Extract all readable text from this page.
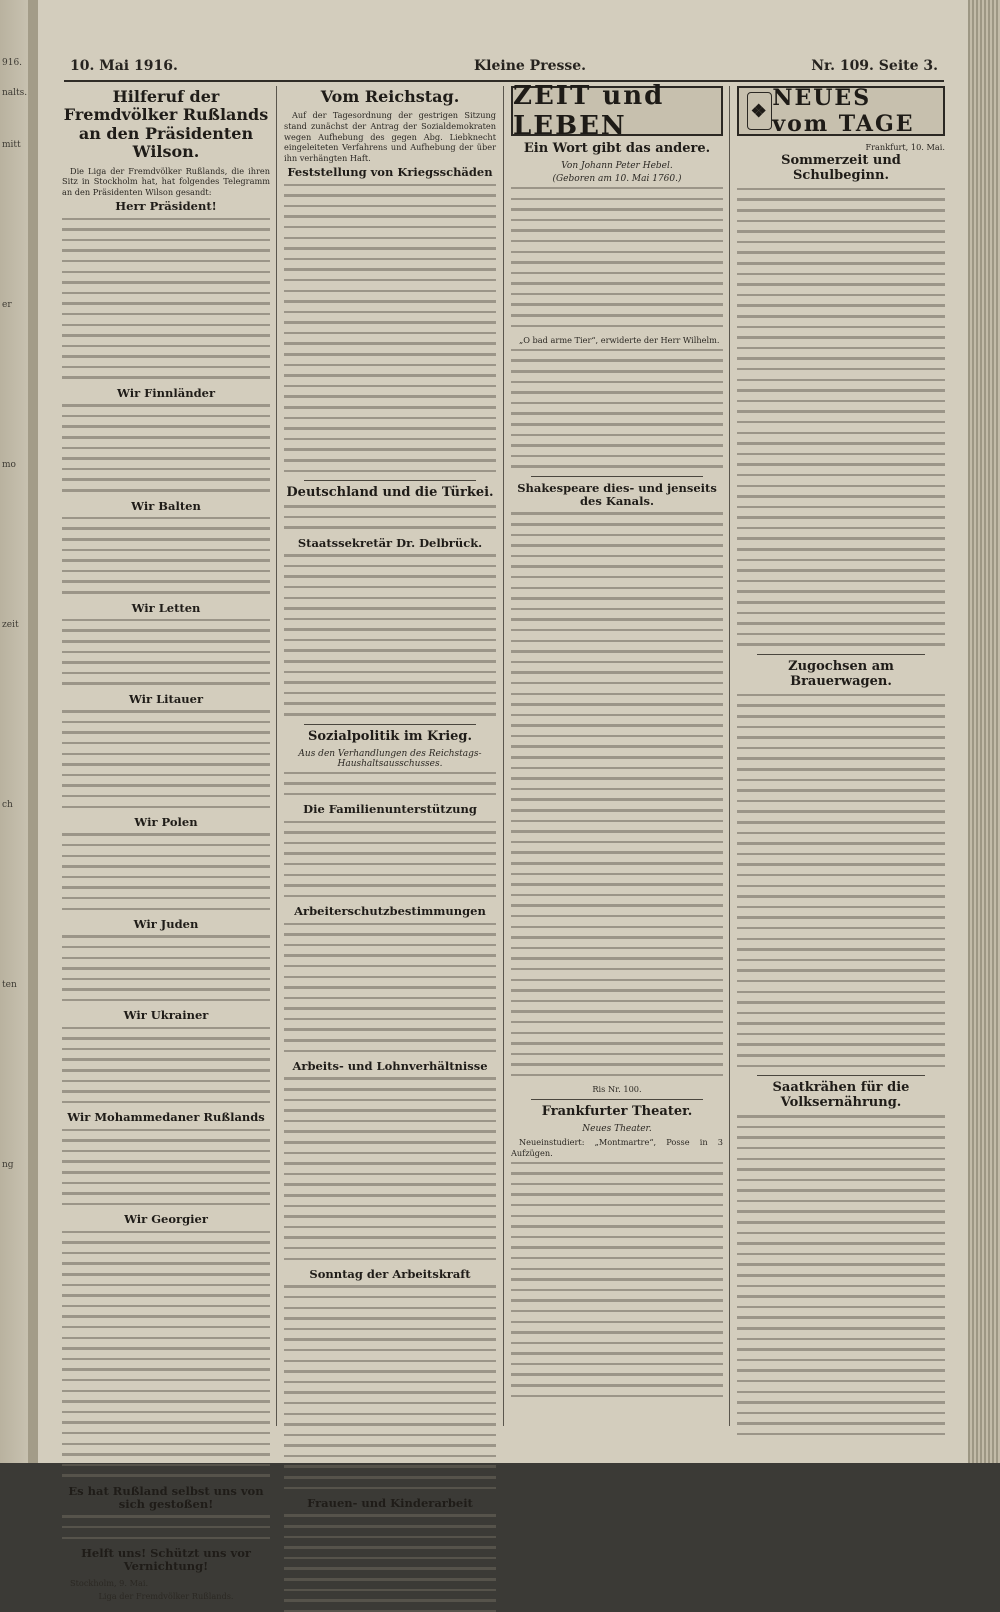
916.
nalts.
mitt
er
mo
zeit
ch
ten
ng
10. Mai 1916.	Kleine Presse.	Nr. 109. Seite 3.
Hilferuf der Fremdvölker Rußlands an den Präsidenten Wilson.

Die Liga der Fremdvölker Rußlands, die ihren Sitz in Stockholm hat, hat folgendes Telegramm an den Präsidenten Wilson gesandt:

Herr Präsident!
Wir Finnländer
Wir Balten
Wir Letten
Wir Litauer
Wir Polen
Wir Juden
Wir Ukrainer
Wir Mohammedaner Rußlands
Wir Georgier
Es hat Rußland selbst uns von sich gestoßen!
Helft uns! Schützt uns vor Vernichtung!

Stockholm, 9. Mai.

Liga der Fremdvölker Rußlands.
Vom Reichstag.

Auf der Tagesordnung der gestrigen Sitzung stand zunächst der Antrag der Sozialdemokraten wegen Aufhebung des gegen Abg. Liebknecht eingeleiteten Verfahrens und Aufhebung der über ihn verhängten Haft.

Feststellung von Kriegsschäden
Deutschland und die Türkei.
Staatssekretär Dr. Delbrück.
Sozialpolitik im Krieg.
Aus den Verhandlungen des Reichstags-Haushaltsausschusses.
Die Familienunterstützung
Arbeiterschutzbestimmungen
Arbeits- und Lohnverhältnisse
Sonntag der Arbeitskraft
Frauen- und Kinderarbeit
ZEIT und LEBEN
Ein Wort gibt das andere.
Von Johann Peter Hebel.
(Geboren am 10. Mai 1760.)

„O bad arme Tier“, erwiderte der Herr Wilhelm.

Shakespeare dies- und jenseits des Kanals.
Ris Nr. 100.
Frankfurter Theater.
Neues Theater.

Neueinstudiert: „Montmartre“, Posse in 3 Aufzügen.

❖ NEUES vom TAGE
Frankfurt, 10. Mai.
Sommerzeit und Schulbeginn.
Zugochsen am Brauerwagen.
Saatkrähen für die Volksernährung.
